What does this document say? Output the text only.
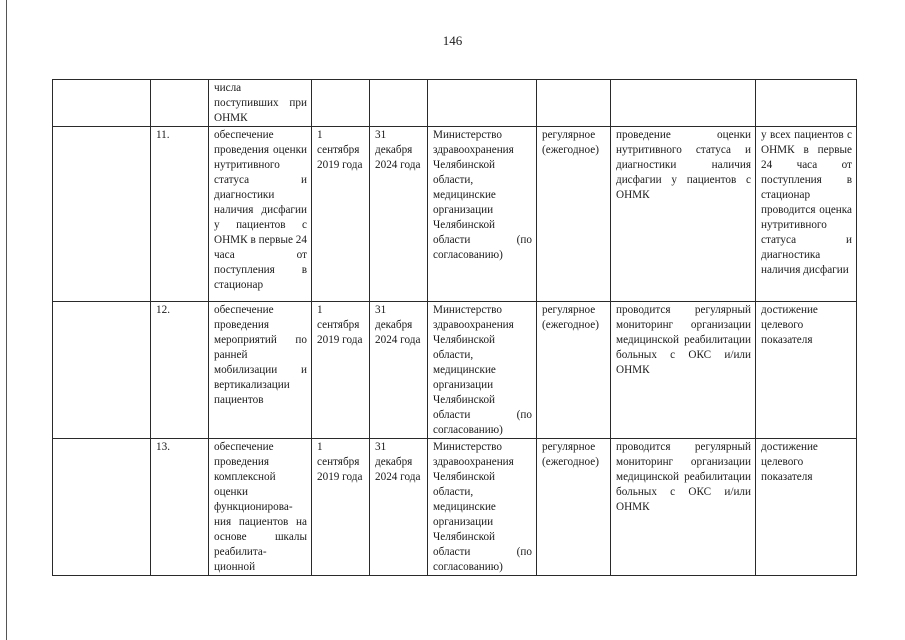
146
		числа поступивших при ОНМК						
	11.	обеспечение проведения оценки нутритивного статуса и диагностики наличия дисфагии у пациентов с ОНМК в первые 24 часа от поступления в стационар	1 сентября 2019 года	31 декабря 2024 года	Министерство здравоохранения Челябинской области, медицинские организации Челябинской области (по согласованию)	регулярное (ежегодное)	проведение оценки нутритивного статуса и диагностики наличия дисфагии у пациентов с ОНМК	у всех пациентов с ОНМК в первые 24 часа от поступления в стационар проводится оценка нутритивного статуса и диагностика наличия дисфагии
	12.	обеспечение проведения мероприятий по ранней мобилизации и вертикализации пациентов	1 сентября 2019 года	31 декабря 2024 года	Министерство здравоохранения Челябинской области, медицинские организации Челябинской области (по согласованию)	регулярное (ежегодное)	проводится регулярный мониторинг организации медицинской реабилитации больных с ОКС и/или ОНМК	достижение целевого показателя
	13.	обеспечение проведения комплексной оценки функционирова-ния пациентов на основе шкалы реабилита-ционной	1 сентября 2019 года	31 декабря 2024 года	Министерство здравоохранения Челябинской области, медицинские организации Челябинской области (по согласованию)	регулярное (ежегодное)	проводится регулярный мониторинг организации медицинской реабилитации больных с ОКС и/или ОНМК	достижение целевого показателя
